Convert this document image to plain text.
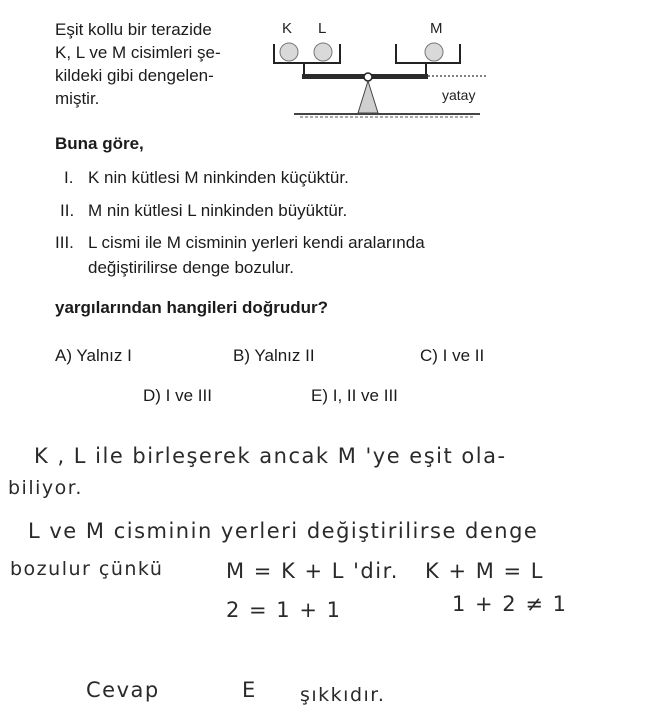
Eşit kollu bir terazide
K, L ve M cisimleri şe-
kildeki gibi dengelen-
miştir.
K L	M
yatay
Buna göre,
I. K nin kütlesi M ninkinden küçüktür.
II. M nin kütlesi L ninkinden büyüktür.
III. L cismi ile M cisminin yerleri kendi aralarında
değiştirilirse denge bozulur.
yargılarından hangileri doğrudur?
A) Yalnız I	B) Yalnız II	C) I ve II
D) I ve III	E) I, II ve III
K , L ile birleşerek ancak M 'ye eşit ola-
biliyor.
L ve M cisminin yerleri değiştirilirse denge
bozulur çünkü	M = K + L 'dir. K + M = L
2 = 1 + 1	1 + 2 ≠ 1
Cevap	E şıkkıdır.
